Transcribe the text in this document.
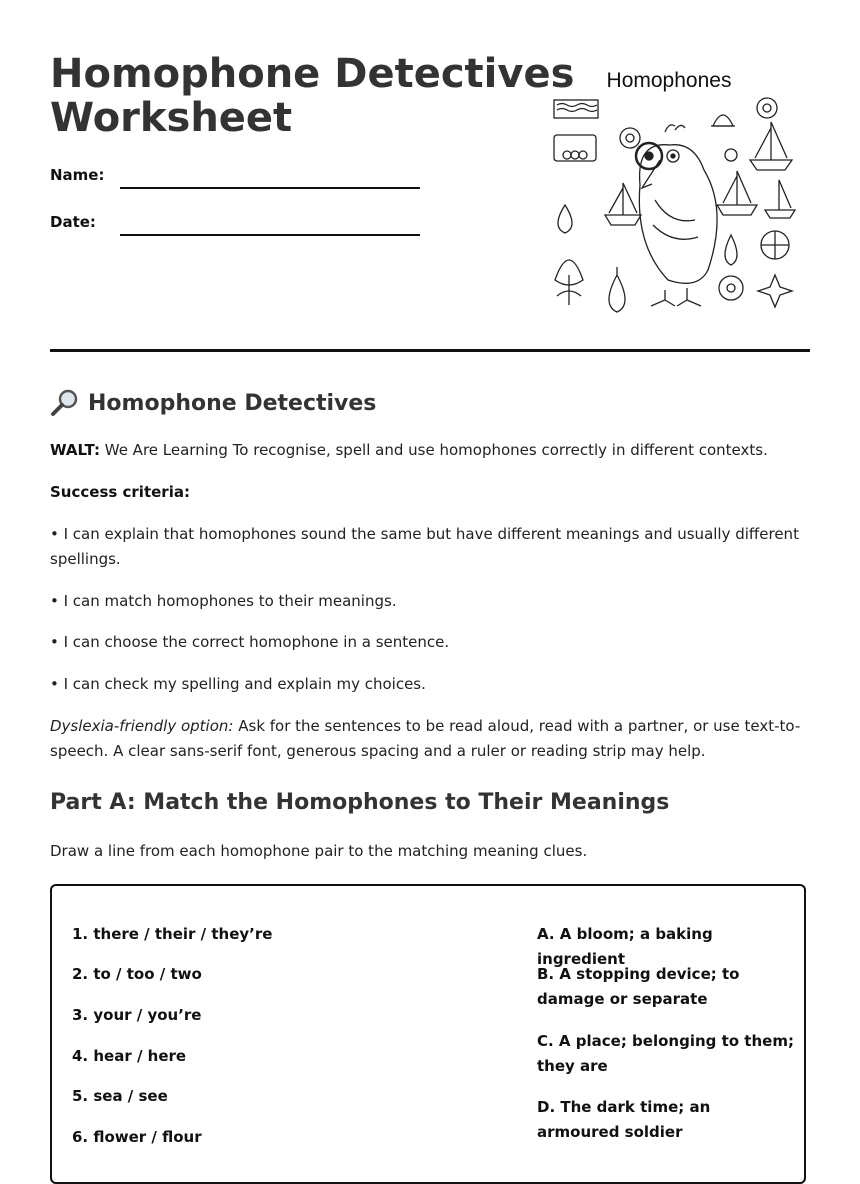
Homophone Detectives
Worksheet
Name:
Date:
Homophones
Homophone Detectives

WALT: We Are Learning To recognise, spell and use homophones correctly in different contexts.

Success criteria:

• I can explain that homophones sound the same but have different meanings and usually different spellings.

• I can match homophones to their meanings.

• I can choose the correct homophone in a sentence.

• I can check my spelling and explain my choices.

Dyslexia-friendly option: Ask for the sentences to be read aloud, read with a partner, or use text-to-speech. A clear sans-serif font, generous spacing and a ruler or reading strip may help.

Part A: Match the Homophones to Their Meanings

Draw a line from each homophone pair to the matching meaning clues.

1. there / their / they’re
2. to / too / two
3. your / you’re
4. hear / here
5. sea / see
6. flower / flour
A. A bloom; a baking ingredient
B. A stopping device; to damage or separate
C. A place; belonging to them; they are
D. The dark time; an armoured soldier
